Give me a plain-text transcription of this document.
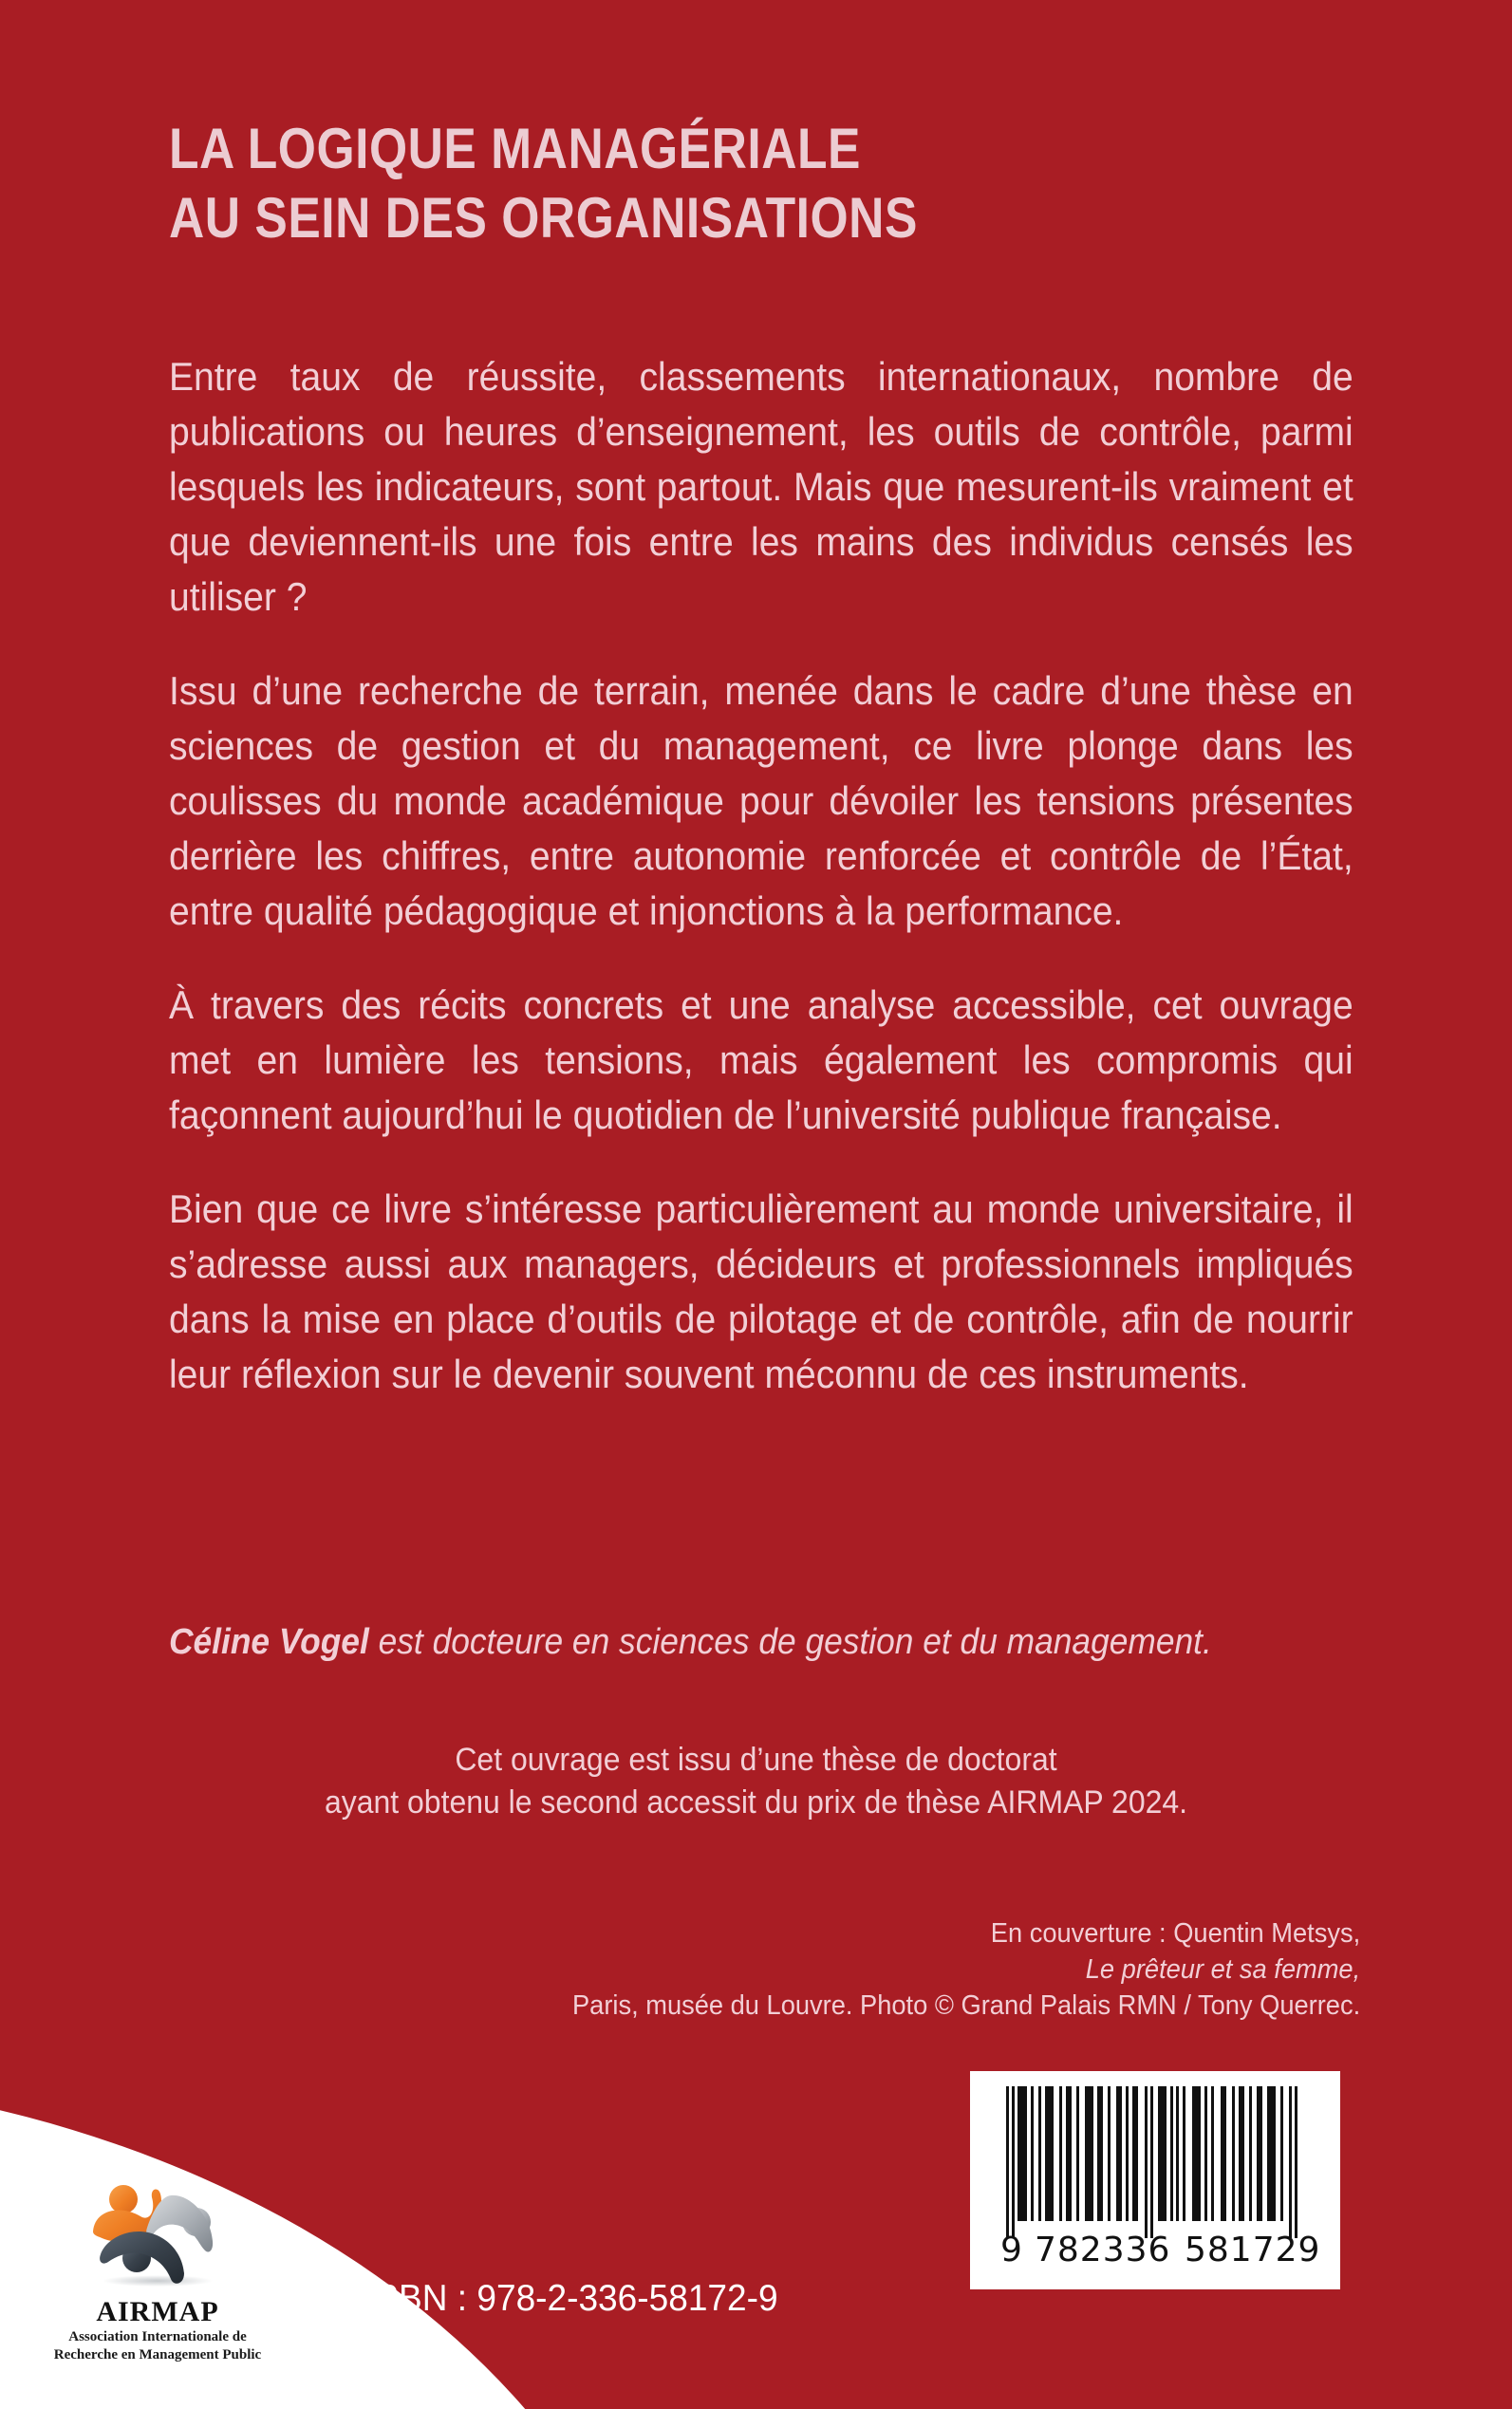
LA LOGIQUE MANAGÉRIALE
AU SEIN DES ORGANISATIONS

Entre taux de réussite, classements internationaux, nombre de publications ou heures d’enseignement, les outils de contrôle, parmi lesquels les indicateurs, sont partout. Mais que mesurent-ils vraiment et que deviennent-ils une fois entre les mains des individus censés les utiliser ?

Issu d’une recherche de terrain, menée dans le cadre d’une thèse en sciences de gestion et du management, ce livre plonge dans les coulisses du monde académique pour dévoiler les tensions présentes derrière les chiffres, entre autonomie renforcée et contrôle de l’État, entre qualité pédagogique et injonctions à la performance.

À travers des récits concrets et une analyse accessible, cet ouvrage met en lumière les tensions, mais également les compromis qui façonnent aujourd’hui le quotidien de l’université publique française.

Bien que ce livre s’intéresse particulièrement au monde universitaire, il s’adresse aussi aux managers, décideurs et professionnels impliqués dans la mise en place d’outils de pilotage et de contrôle, afin de nourrir leur réflexion sur le devenir souvent méconnu de ces instruments.

Céline Vogel est docteure en sciences de gestion et du management.
Cet ouvrage est issu d’une thèse de doctorat
ayant obtenu le second accessit du prix de thèse AIRMAP 2024.
En couverture : Quentin Metsys,
Le prêteur et sa femme,
Paris, musée du Louvre. Photo © Grand Palais RMN / Tony Querrec.
AIRMAP
Association Internationale de
Recherche en Management Public
ISBN : 978-2-336-58172-9
21 €
9 782336 581729
